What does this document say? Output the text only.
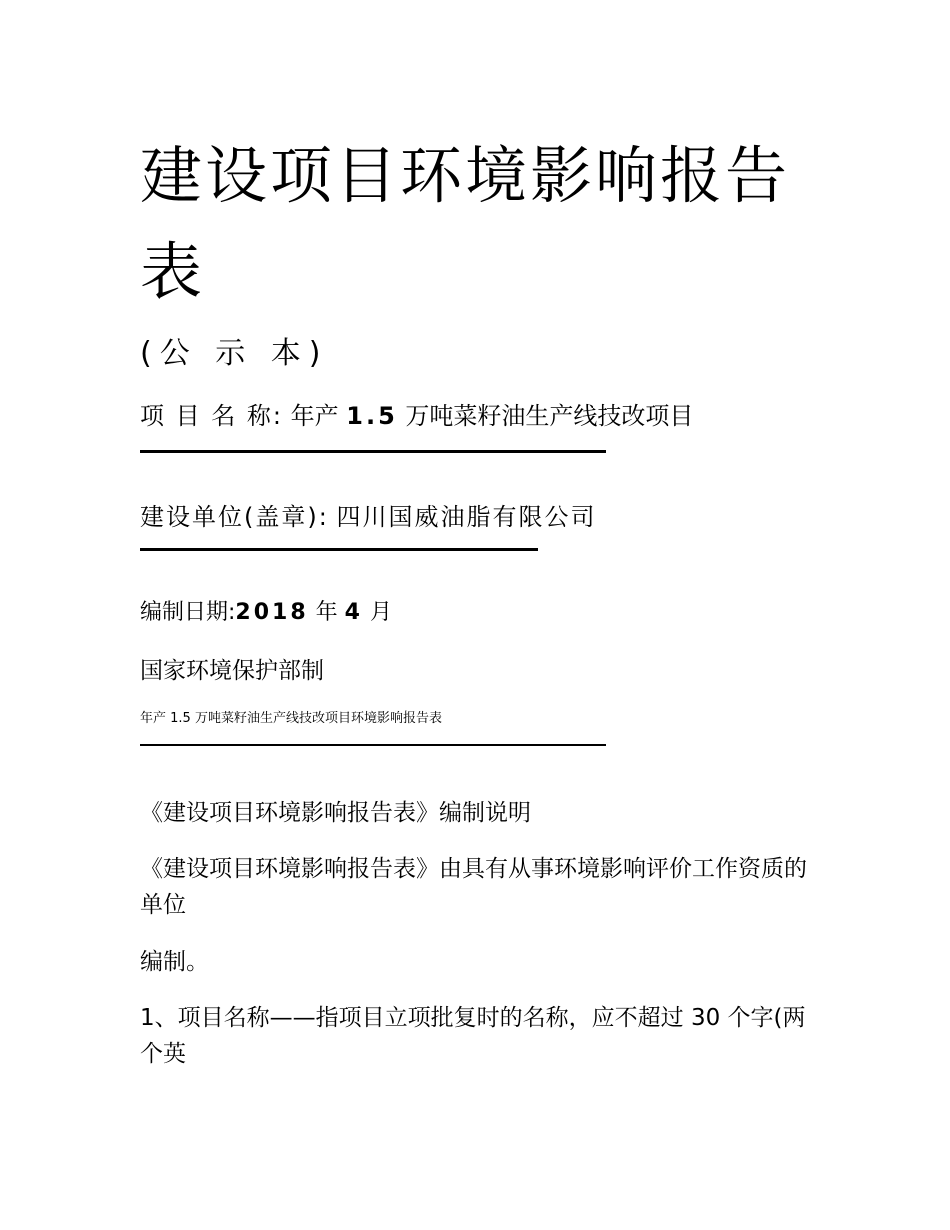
建设项目环境影响报告表
(公 示 本)
项 目 名 称: 年产 1.5 万吨菜籽油生产线技改项目
建设单位(盖章): 四川国威油脂有限公司
编制日期:2018 年 4 月
国家环境保护部制
年产 1.5 万吨菜籽油生产线技改项目环境影响报告表
《建设项目环境影响报告表》编制说明
《建设项目环境影响报告表》由具有从事环境影响评价工作资质的单位
编制。
1、项目名称——指项目立项批复时的名称，应不超过 30 个字(两个英
